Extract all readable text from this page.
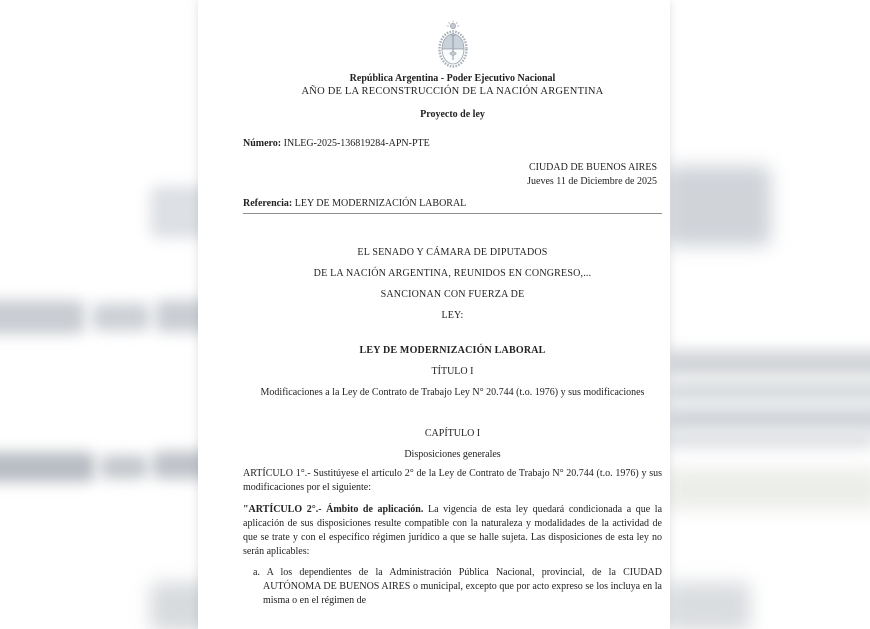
República Argentina - Poder Ejecutivo Nacional
AÑO DE LA RECONSTRUCCIÓN DE LA NACIÓN ARGENTINA
Proyecto de ley
Número: INLEG-2025-136819284-APN-PTE
CIUDAD DE BUENOS AIRES
Jueves 11 de Diciembre de 2025
Referencia: LEY DE MODERNIZACIÓN LABORAL
EL SENADO Y CÁMARA DE DIPUTADOS
DE LA NACIÓN ARGENTINA, REUNIDOS EN CONGRESO,...
SANCIONAN CON FUERZA DE
LEY:
LEY DE MODERNIZACIÓN LABORAL
TÍTULO I
Modificaciones a la Ley de Contrato de Trabajo Ley N° 20.744 (t.o. 1976) y sus modificaciones
CAPÍTULO I
Disposiciones generales
ARTÍCULO 1°.- Sustitúyese el artículo 2° de la Ley de Contrato de Trabajo N° 20.744 (t.o. 1976) y sus modificaciones por el siguiente:
"ARTÍCULO 2°.- Ámbito de aplicación. La vigencia de esta ley quedará condicionada a que la aplicación de sus disposiciones resulte compatible con la naturaleza y modalidades de la actividad de que se trate y con el específico régimen jurídico a que se halle sujeta. Las disposiciones de esta ley no serán aplicables:
a. A los dependientes de la Administración Pública Nacional, provincial, de la CIUDAD AUTÓNOMA DE BUENOS AIRES o municipal, excepto que por acto expreso se los incluya en la misma o en el régimen de
